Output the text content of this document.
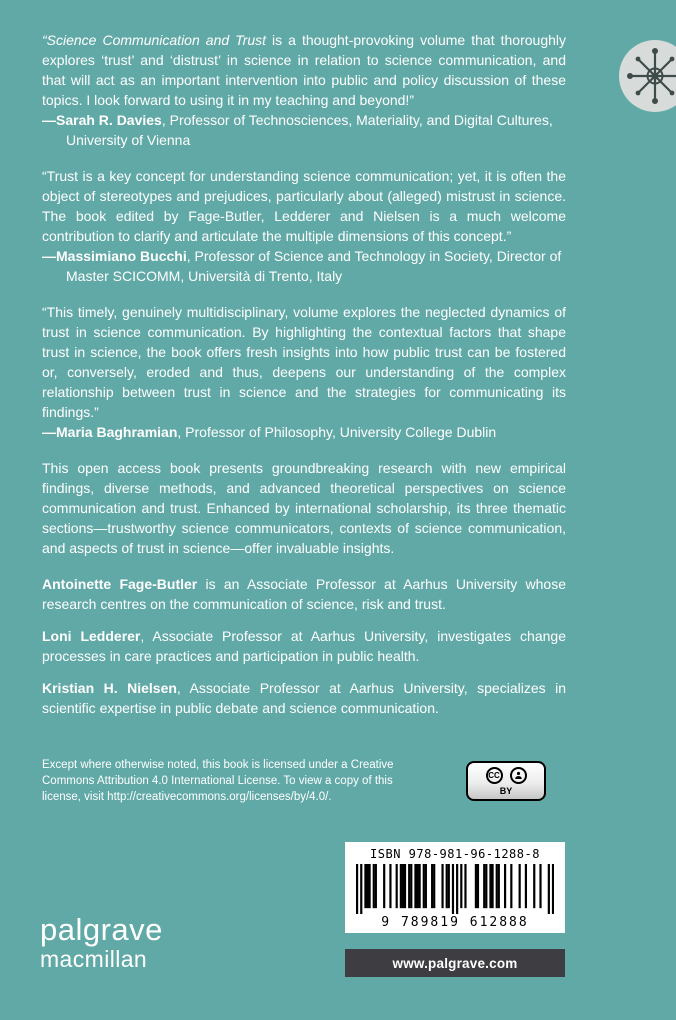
“Science Communication and Trust is a thought-provoking volume that thoroughly explores ‘trust’ and ‘distrust’ in science in relation to science communication, and that will act as an important intervention into public and policy discussion of these topics. I look forward to using it in my teaching and beyond!”

—Sarah R. Davies, Professor of Technosciences, Materiality, and Digital Cultures, University of Vienna

“Trust is a key concept for understanding science communication; yet, it is often the object of stereotypes and prejudices, particularly about (alleged) mistrust in science. The book edited by Fage-Butler, Ledderer and Nielsen is a much welcome contribution to clarify and articulate the multiple dimensions of this concept.”

—Massimiano Bucchi, Professor of Science and Technology in Society, Director of Master SCICOMM, Università di Trento, Italy

“This timely, genuinely multidisciplinary, volume explores the neglected dynamics of trust in science communication. By highlighting the contextual factors that shape trust in science, the book offers fresh insights into how public trust can be fostered or, conversely, eroded and thus, deepens our understanding of the complex relationship between trust in science and the strategies for communicating its findings.”

—Maria Baghramian, Professor of Philosophy, University College Dublin

This open access book presents groundbreaking research with new empirical findings, diverse methods, and advanced theoretical perspectives on science communication and trust. Enhanced by international scholarship, its three thematic sections—trustworthy science communicators, contexts of science communication, and aspects of trust in science—offer invaluable insights.

Antoinette Fage-Butler is an Associate Professor at Aarhus University whose research centres on the communication of science, risk and trust.

Loni Ledderer, Associate Professor at Aarhus University, investigates change processes in care practices and participation in public health.

Kristian H. Nielsen, Associate Professor at Aarhus University, specializes in scientific expertise in public debate and science communication.

Except where otherwise noted, this book is licensed under a Creative Commons Attribution 4.0 International License. To view a copy of this license, visit http://creativecommons.org/licenses/by/4.0/.

CC
BY
ISBN 978-981-96-1288-8
9 789819 612888
www.palgrave.com
palgrave
macmillan
